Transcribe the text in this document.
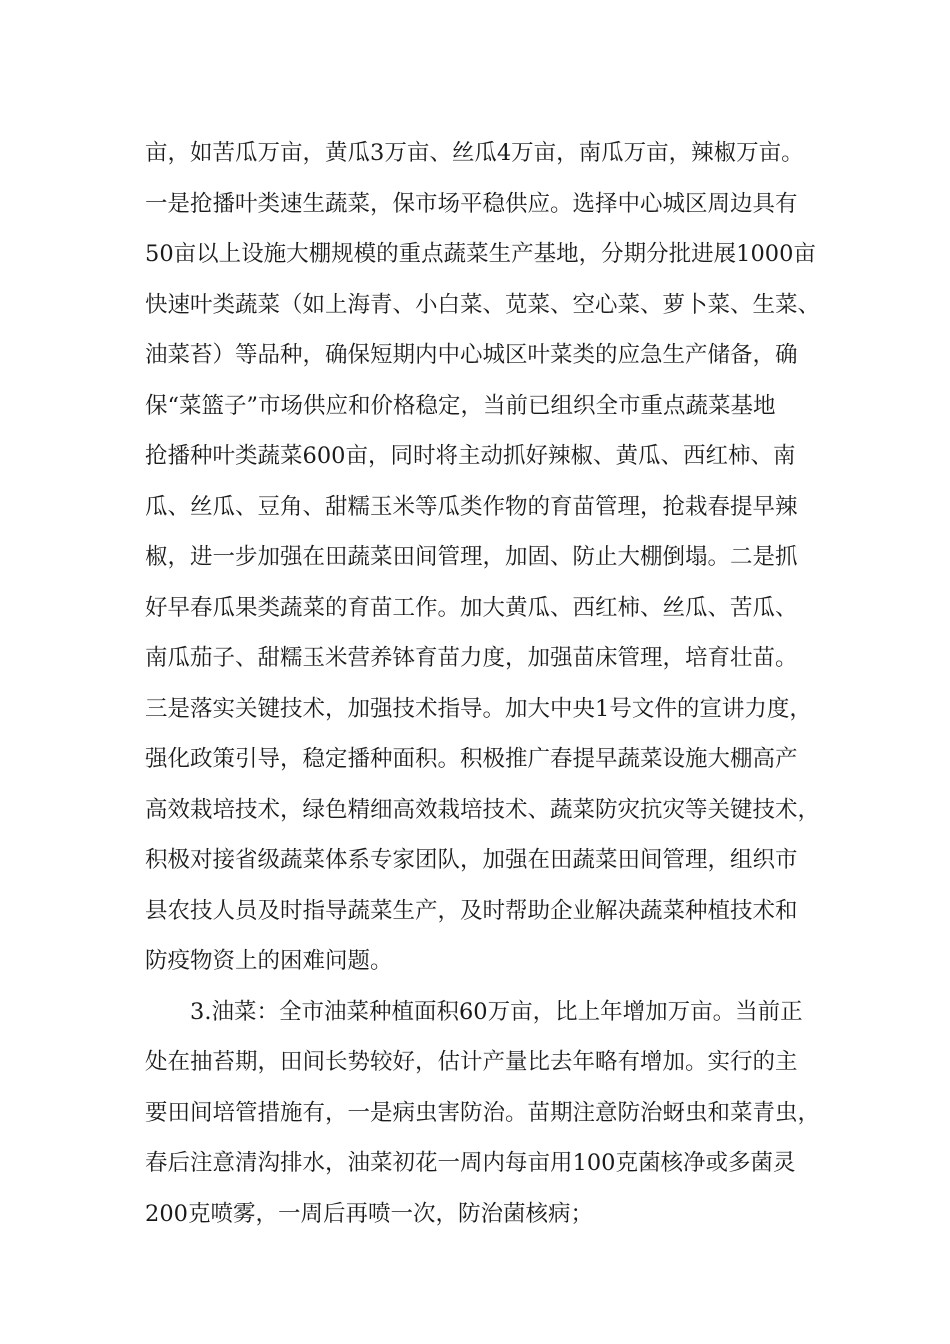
亩，如苦瓜万亩，黄瓜3万亩、丝瓜4万亩，南瓜万亩，辣椒万亩。
一是抢播叶类速生蔬菜，保市场平稳供应。选择中心城区周边具有
50亩以上设施大棚规模的重点蔬菜生产基地，分期分批进展1000亩
快速叶类蔬菜（如上海青、小白菜、苋菜、空心菜、萝卜菜、生菜、
油菜苔）等品种，确保短期内中心城区叶菜类的应急生产储备，确
保“菜篮子”市场供应和价格稳定，当前已组织全市重点蔬菜基地
抢播种叶类蔬菜600亩，同时将主动抓好辣椒、黄瓜、西红柿、南
瓜、丝瓜、豆角、甜糯玉米等瓜类作物的育苗管理，抢栽春提早辣
椒，进一步加强在田蔬菜田间管理，加固、防止大棚倒塌。二是抓
好早春瓜果类蔬菜的育苗工作。加大黄瓜、西红柿、丝瓜、苦瓜、
南瓜茄子、甜糯玉米营养钵育苗力度，加强苗床管理，培育壮苗。
三是落实关键技术，加强技术指导。加大中央1号文件的宣讲力度，
强化政策引导，稳定播种面积。积极推广春提早蔬菜设施大棚高产
高效栽培技术，绿色精细高效栽培技术、蔬菜防灾抗灾等关键技术，
积极对接省级蔬菜体系专家团队，加强在田蔬菜田间管理，组织市
县农技人员及时指导蔬菜生产，及时帮助企业解决蔬菜种植技术和
防疫物资上的困难问题。
3.油菜：全市油菜种植面积60万亩，比上年增加万亩。当前正
处在抽苔期，田间长势较好，估计产量比去年略有增加。实行的主
要田间培管措施有，一是病虫害防治。苗期注意防治蚜虫和菜青虫，
春后注意清沟排水，油菜初花一周内每亩用100克菌核净或多菌灵
200克喷雾，一周后再喷一次，防治菌核病；
